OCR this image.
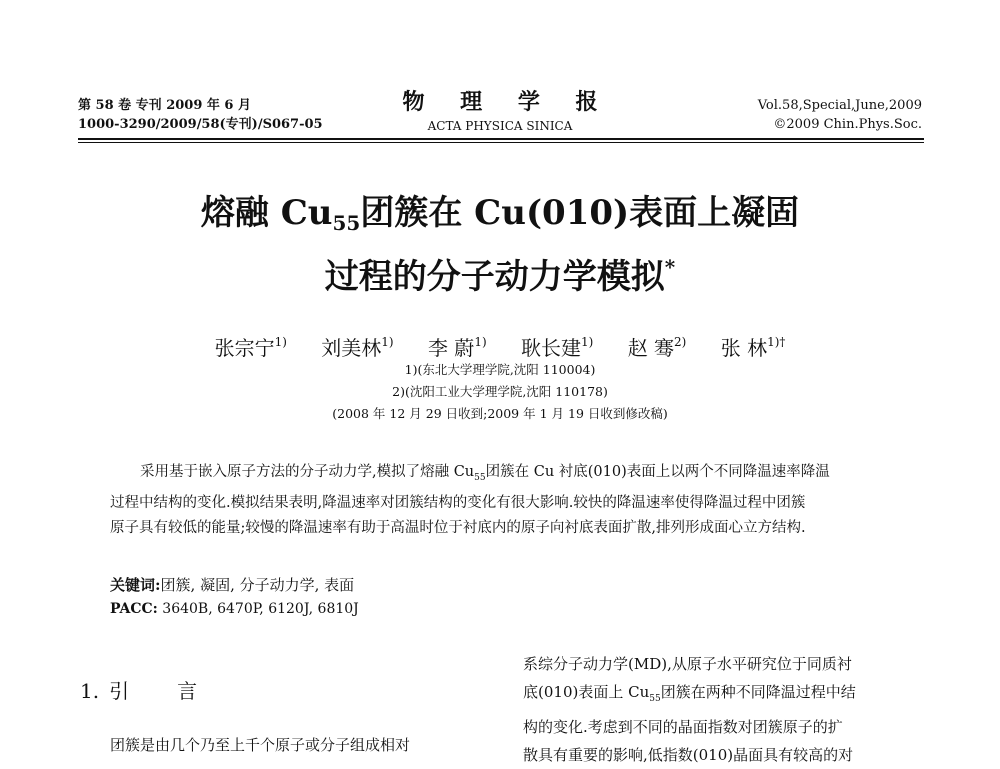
第 58 卷 专刊 2009 年 6 月
1000-3290/2009/58(专刊)/S067-05
物 理 学 报
ACTA PHYSICA SINICA
Vol.58,Special,June,2009
©2009 Chin.Phys.Soc.
熔融 $Cu_{55}$团簇在 Cu(010)表面上凝固
过程的分子动力学模拟*
张宗宁$^{1)}$ 刘美林$^{1)}$ 李 蔚$^{1)}$ 耿长建$^{1)}$ 赵 骞$^{2)}$ 张 林$^{1)\dagger}$
1)(东北大学理学院,沈阳 110004)
2)(沈阳工业大学理学院,沈阳 110178)
(2008 年 12 月 29 日收到;2009 年 1 月 19 日收到修改稿)
采用基于嵌入原子方法的分子动力学,模拟了熔融 $Cu_{55}$团簇在 Cu 衬底(010)表面上以两个不同降温速率降温
过程中结构的变化.模拟结果表明,降温速率对团簇结构的变化有很大影响.较快的降温速率使得降温过程中团簇
原子具有较低的能量;较慢的降温速率有助于高温时位于衬底内的原子向衬底表面扩散,排列形成面心立方结构.
关键词:团簇, 凝固, 分子动力学, 表面
PACC: 3640B, 6470P, 6120J, 6810J
1. 引 言
团簇是由几个乃至上千个原子或分子组成相对
系综分子动力学(MD),从原子水平研究位于同质衬
底(010)表面上 $Cu_{55}$团簇在两种不同降温过程中结
构的变化.考虑到不同的晶面指数对团簇原子的扩
散具有重要的影响,低指数(010)晶面具有较高的对
